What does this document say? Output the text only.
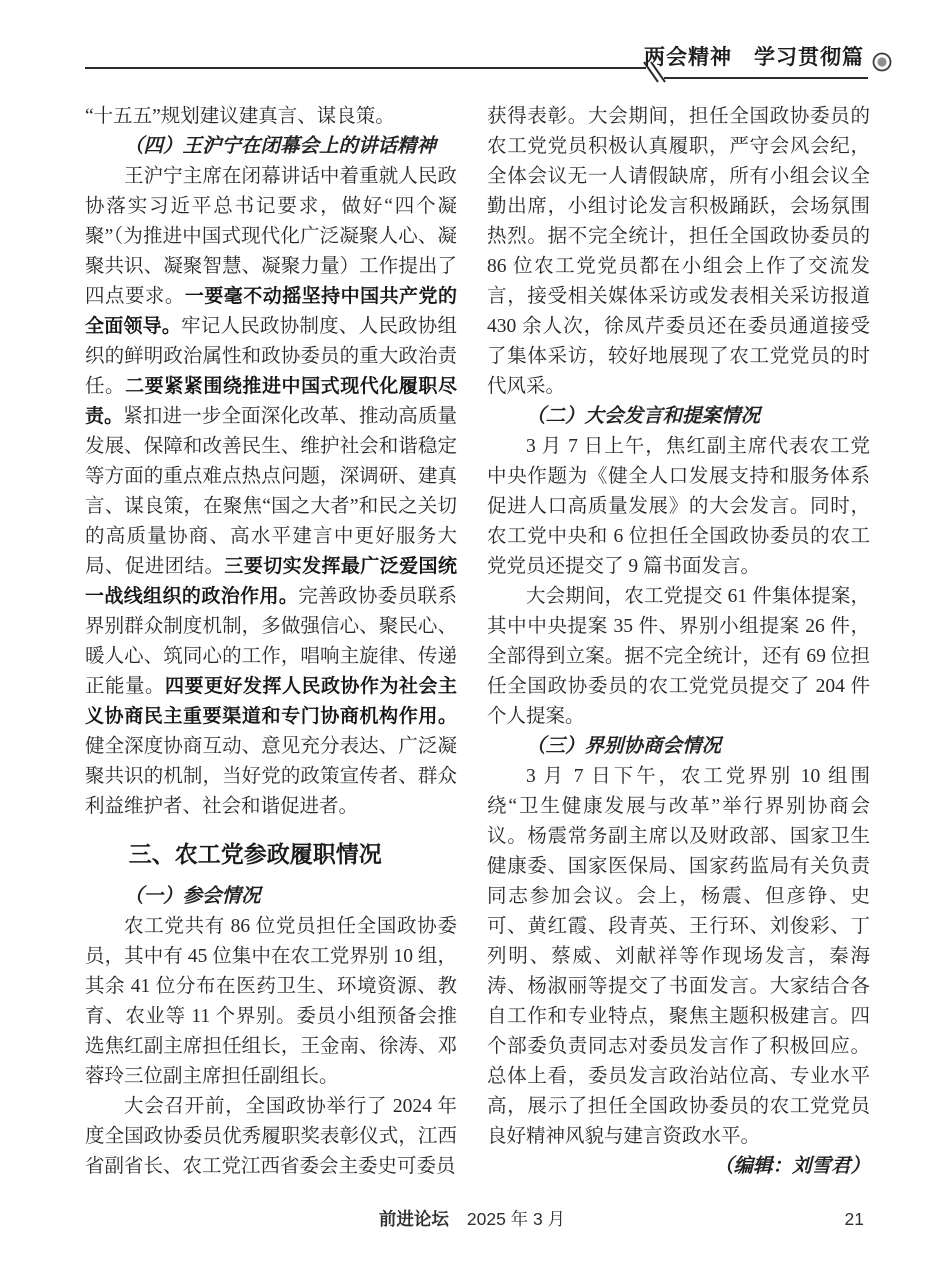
两会精神　学习贯彻篇

“十五五”规划建议建真言、谋良策。

（四）王沪宁在闭幕会上的讲话精神

王沪宁主席在闭幕讲话中着重就人民政协落实习近平总书记要求，做好“四个凝聚”（为推进中国式现代化广泛凝聚人心、凝聚共识、凝聚智慧、凝聚力量）工作提出了四点要求。一要毫不动摇坚持中国共产党的全面领导。牢记人民政协制度、人民政协组织的鲜明政治属性和政协委员的重大政治责任。二要紧紧围绕推进中国式现代化履职尽责。紧扣进一步全面深化改革、推动高质量发展、保障和改善民生、维护社会和谐稳定等方面的重点难点热点问题，深调研、建真言、谋良策，在聚焦“国之大者”和民之关切的高质量协商、高水平建言中更好服务大局、促进团结。三要切实发挥最广泛爱国统一战线组织的政治作用。完善政协委员联系界别群众制度机制，多做强信心、聚民心、暖人心、筑同心的工作，唱响主旋律、传递正能量。四要更好发挥人民政协作为社会主义协商民主重要渠道和专门协商机构作用。健全深度协商互动、意见充分表达、广泛凝聚共识的机制，当好党的政策宣传者、群众利益维护者、社会和谐促进者。

三、农工党参政履职情况

（一）参会情况

农工党共有 86 位党员担任全国政协委员，其中有 45 位集中在农工党界别 10 组，其余 41 位分布在医药卫生、环境资源、教育、农业等 11 个界别。委员小组预备会推选焦红副主席担任组长，王金南、徐涛、邓蓉玲三位副主席担任副组长。

大会召开前，全国政协举行了 2024 年度全国政协委员优秀履职奖表彰仪式，江西省副省长、农工党江西省委会主委史可委员

获得表彰。大会期间，担任全国政协委员的农工党党员积极认真履职，严守会风会纪，全体会议无一人请假缺席，所有小组会议全勤出席，小组讨论发言积极踊跃，会场氛围热烈。据不完全统计，担任全国政协委员的 86 位农工党党员都在小组会上作了交流发言，接受相关媒体采访或发表相关采访报道 430 余人次，徐凤芹委员还在委员通道接受了集体采访，较好地展现了农工党党员的时代风采。

（二）大会发言和提案情况

3 月 7 日上午，焦红副主席代表农工党中央作题为《健全人口发展支持和服务体系 促进人口高质量发展》的大会发言。同时，农工党中央和 6 位担任全国政协委员的农工党党员还提交了 9 篇书面发言。

大会期间，农工党提交 61 件集体提案，其中中央提案 35 件、界别小组提案 26 件，全部得到立案。据不完全统计，还有 69 位担任全国政协委员的农工党党员提交了 204 件个人提案。

（三）界别协商会情况

3 月 7 日下午，农工党界别 10 组围绕“卫生健康发展与改革”举行界别协商会议。杨震常务副主席以及财政部、国家卫生健康委、国家医保局、国家药监局有关负责同志参加会议。会上，杨震、但彦铮、史可、黄红霞、段青英、王行环、刘俊彩、丁列明、蔡威、刘献祥等作现场发言，秦海涛、杨淑丽等提交了书面发言。大家结合各自工作和专业特点，聚焦主题积极建言。四个部委负责同志对委员发言作了积极回应。总体上看，委员发言政治站位高、专业水平高，展示了担任全国政协委员的农工党党员良好精神风貌与建言资政水平。

（编辑：刘雪君）

前进论坛 2025 年 3 月	21
